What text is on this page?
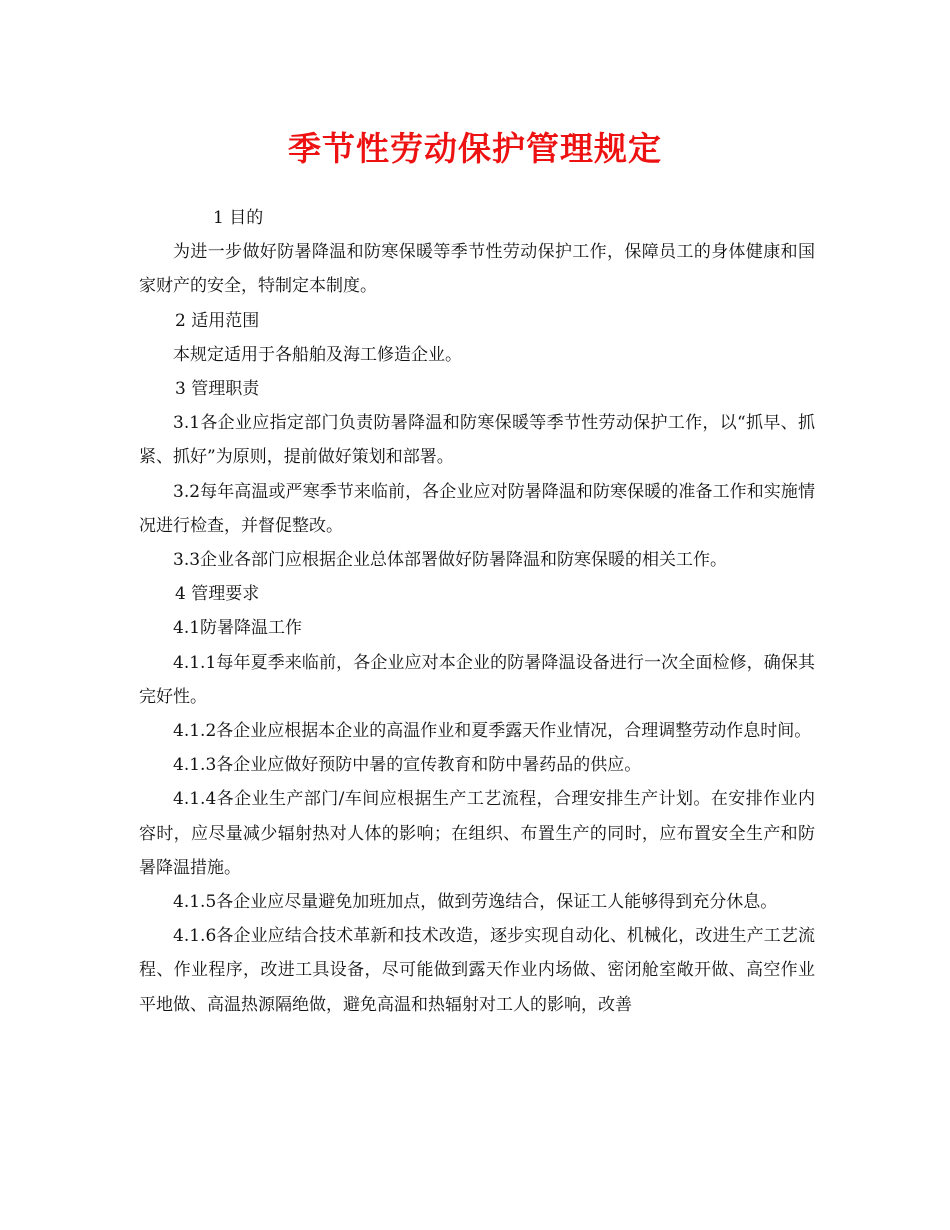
季节性劳动保护管理规定

1 目的

为进一步做好防暑降温和防寒保暖等季节性劳动保护工作，保障员工的身体健康和国家财产的安全，特制定本制度。

2 适用范围

本规定适用于各船舶及海工修造企业。

3 管理职责

3.1各企业应指定部门负责防暑降温和防寒保暖等季节性劳动保护工作，以“抓早、抓紧、抓好”为原则，提前做好策划和部署。

3.2每年高温或严寒季节来临前，各企业应对防暑降温和防寒保暖的准备工作和实施情况进行检查，并督促整改。

3.3企业各部门应根据企业总体部署做好防暑降温和防寒保暖的相关工作。

4 管理要求

4.1防暑降温工作

4.1.1每年夏季来临前，各企业应对本企业的防暑降温设备进行一次全面检修，确保其完好性。

4.1.2各企业应根据本企业的高温作业和夏季露天作业情况，合理调整劳动作息时间。

4.1.3各企业应做好预防中暑的宣传教育和防中暑药品的供应。

4.1.4各企业生产部门/车间应根据生产工艺流程，合理安排生产计划。在安排作业内容时，应尽量减少辐射热对人体的影响；在组织、布置生产的同时，应布置安全生产和防暑降温措施。

4.1.5各企业应尽量避免加班加点，做到劳逸结合，保证工人能够得到充分休息。

4.1.6各企业应结合技术革新和技术改造，逐步实现自动化、机械化，改进生产工艺流程、作业程序，改进工具设备，尽可能做到露天作业内场做、密闭舱室敞开做、高空作业平地做、高温热源隔绝做，避免高温和热辐射对工人的影响，改善
